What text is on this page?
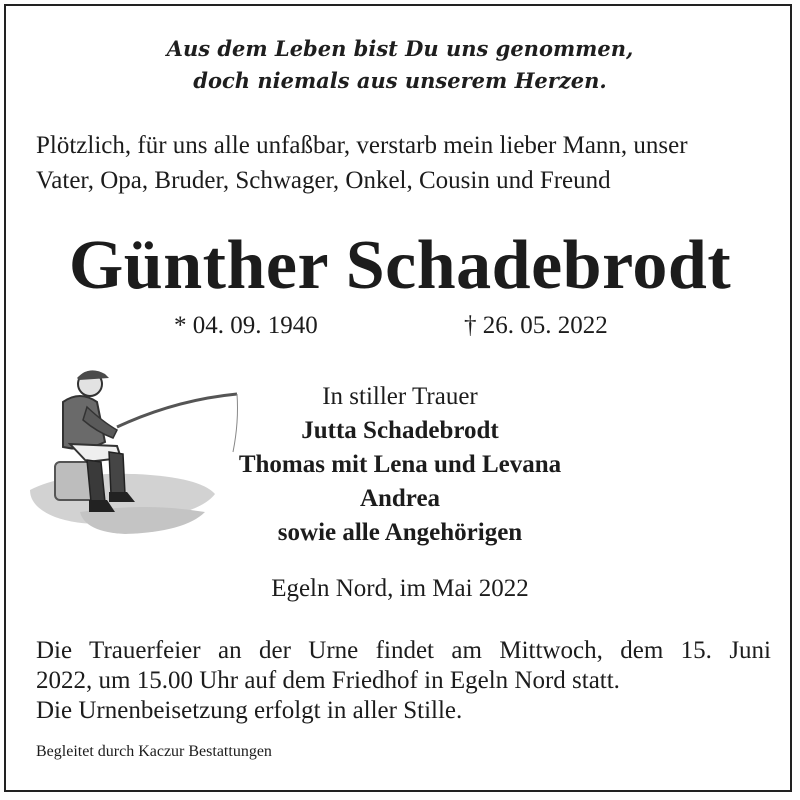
Aus dem Leben bist Du uns genommen,
doch niemals aus unserem Herzen.
Plötzlich, für uns alle unfaßbar, verstarb mein lieber Mann, unser
Vater, Opa, Bruder, Schwager, Onkel, Cousin und Freund
Günther Schadebrodt
* 04. 09. 1940	† 26. 05. 2022
In stiller Trauer
Jutta Schadebrodt
Thomas mit Lena und Levana
Andrea
sowie alle Angehörigen
Egeln Nord, im Mai 2022
Die Trauerfeier an der Urne findet am Mittwoch, dem 15. Juni
2022, um 15.00 Uhr auf dem Friedhof in Egeln Nord statt.
Die Urnenbeisetzung erfolgt in aller Stille.
Begleitet durch Kaczur Bestattungen
